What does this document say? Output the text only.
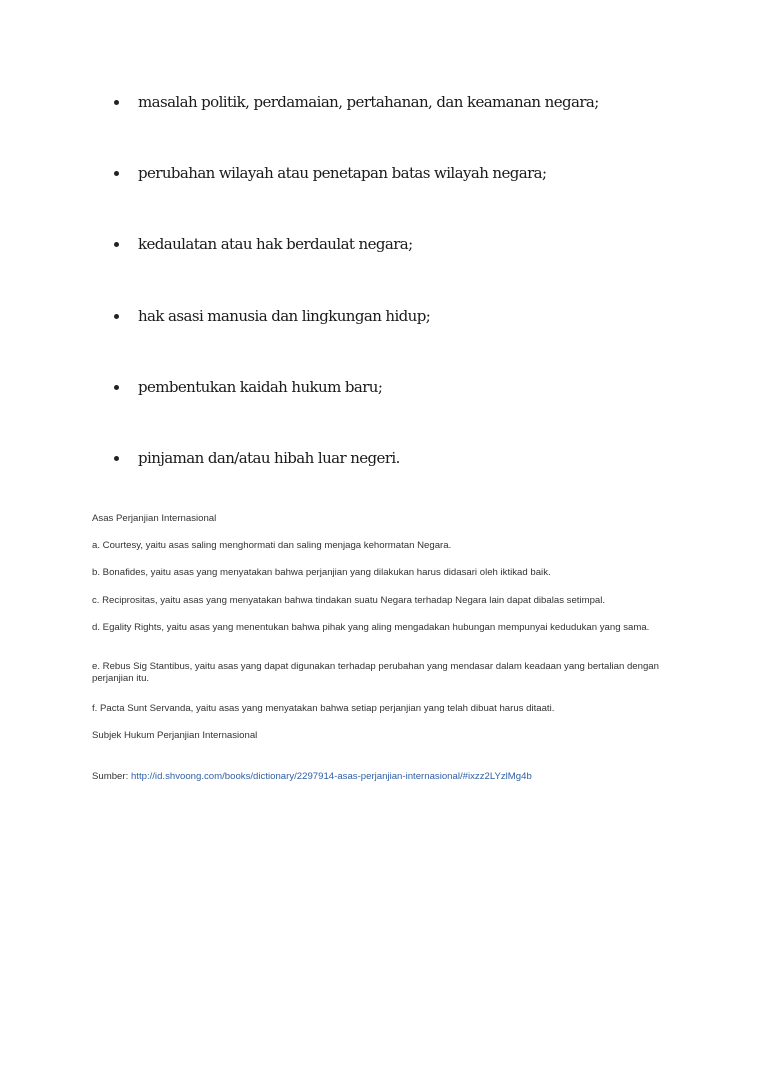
masalah politik, perdamaian, pertahanan, dan keamanan negara;
perubahan wilayah atau penetapan batas wilayah negara;
kedaulatan atau hak berdaulat negara;
hak asasi manusia dan lingkungan hidup;
pembentukan kaidah hukum baru;
pinjaman dan/atau hibah luar negeri.

Asas Perjanjian Internasional

a. Courtesy, yaitu asas saling menghormati dan saling menjaga kehormatan Negara.

b. Bonafides, yaitu asas yang menyatakan bahwa perjanjian yang dilakukan harus didasari oleh iktikad baik.

c. Reciprositas, yaitu asas yang menyatakan bahwa tindakan suatu Negara terhadap Negara lain dapat dibalas setimpal.

d. Egality Rights, yaitu asas yang menentukan bahwa pihak yang aling mengadakan hubungan mempunyai kedudukan yang sama.

e. Rebus Sig Stantibus, yaitu asas yang dapat digunakan terhadap perubahan yang mendasar dalam keadaan yang bertalian dengan perjanjian itu.

f. Pacta Sunt Servanda, yaitu asas yang menyatakan bahwa setiap perjanjian yang telah dibuat harus ditaati.

Subjek Hukum Perjanjian Internasional

Sumber: http://id.shvoong.com/books/dictionary/2297914-asas-perjanjian-internasional/#ixzz2LYzlMg4b
